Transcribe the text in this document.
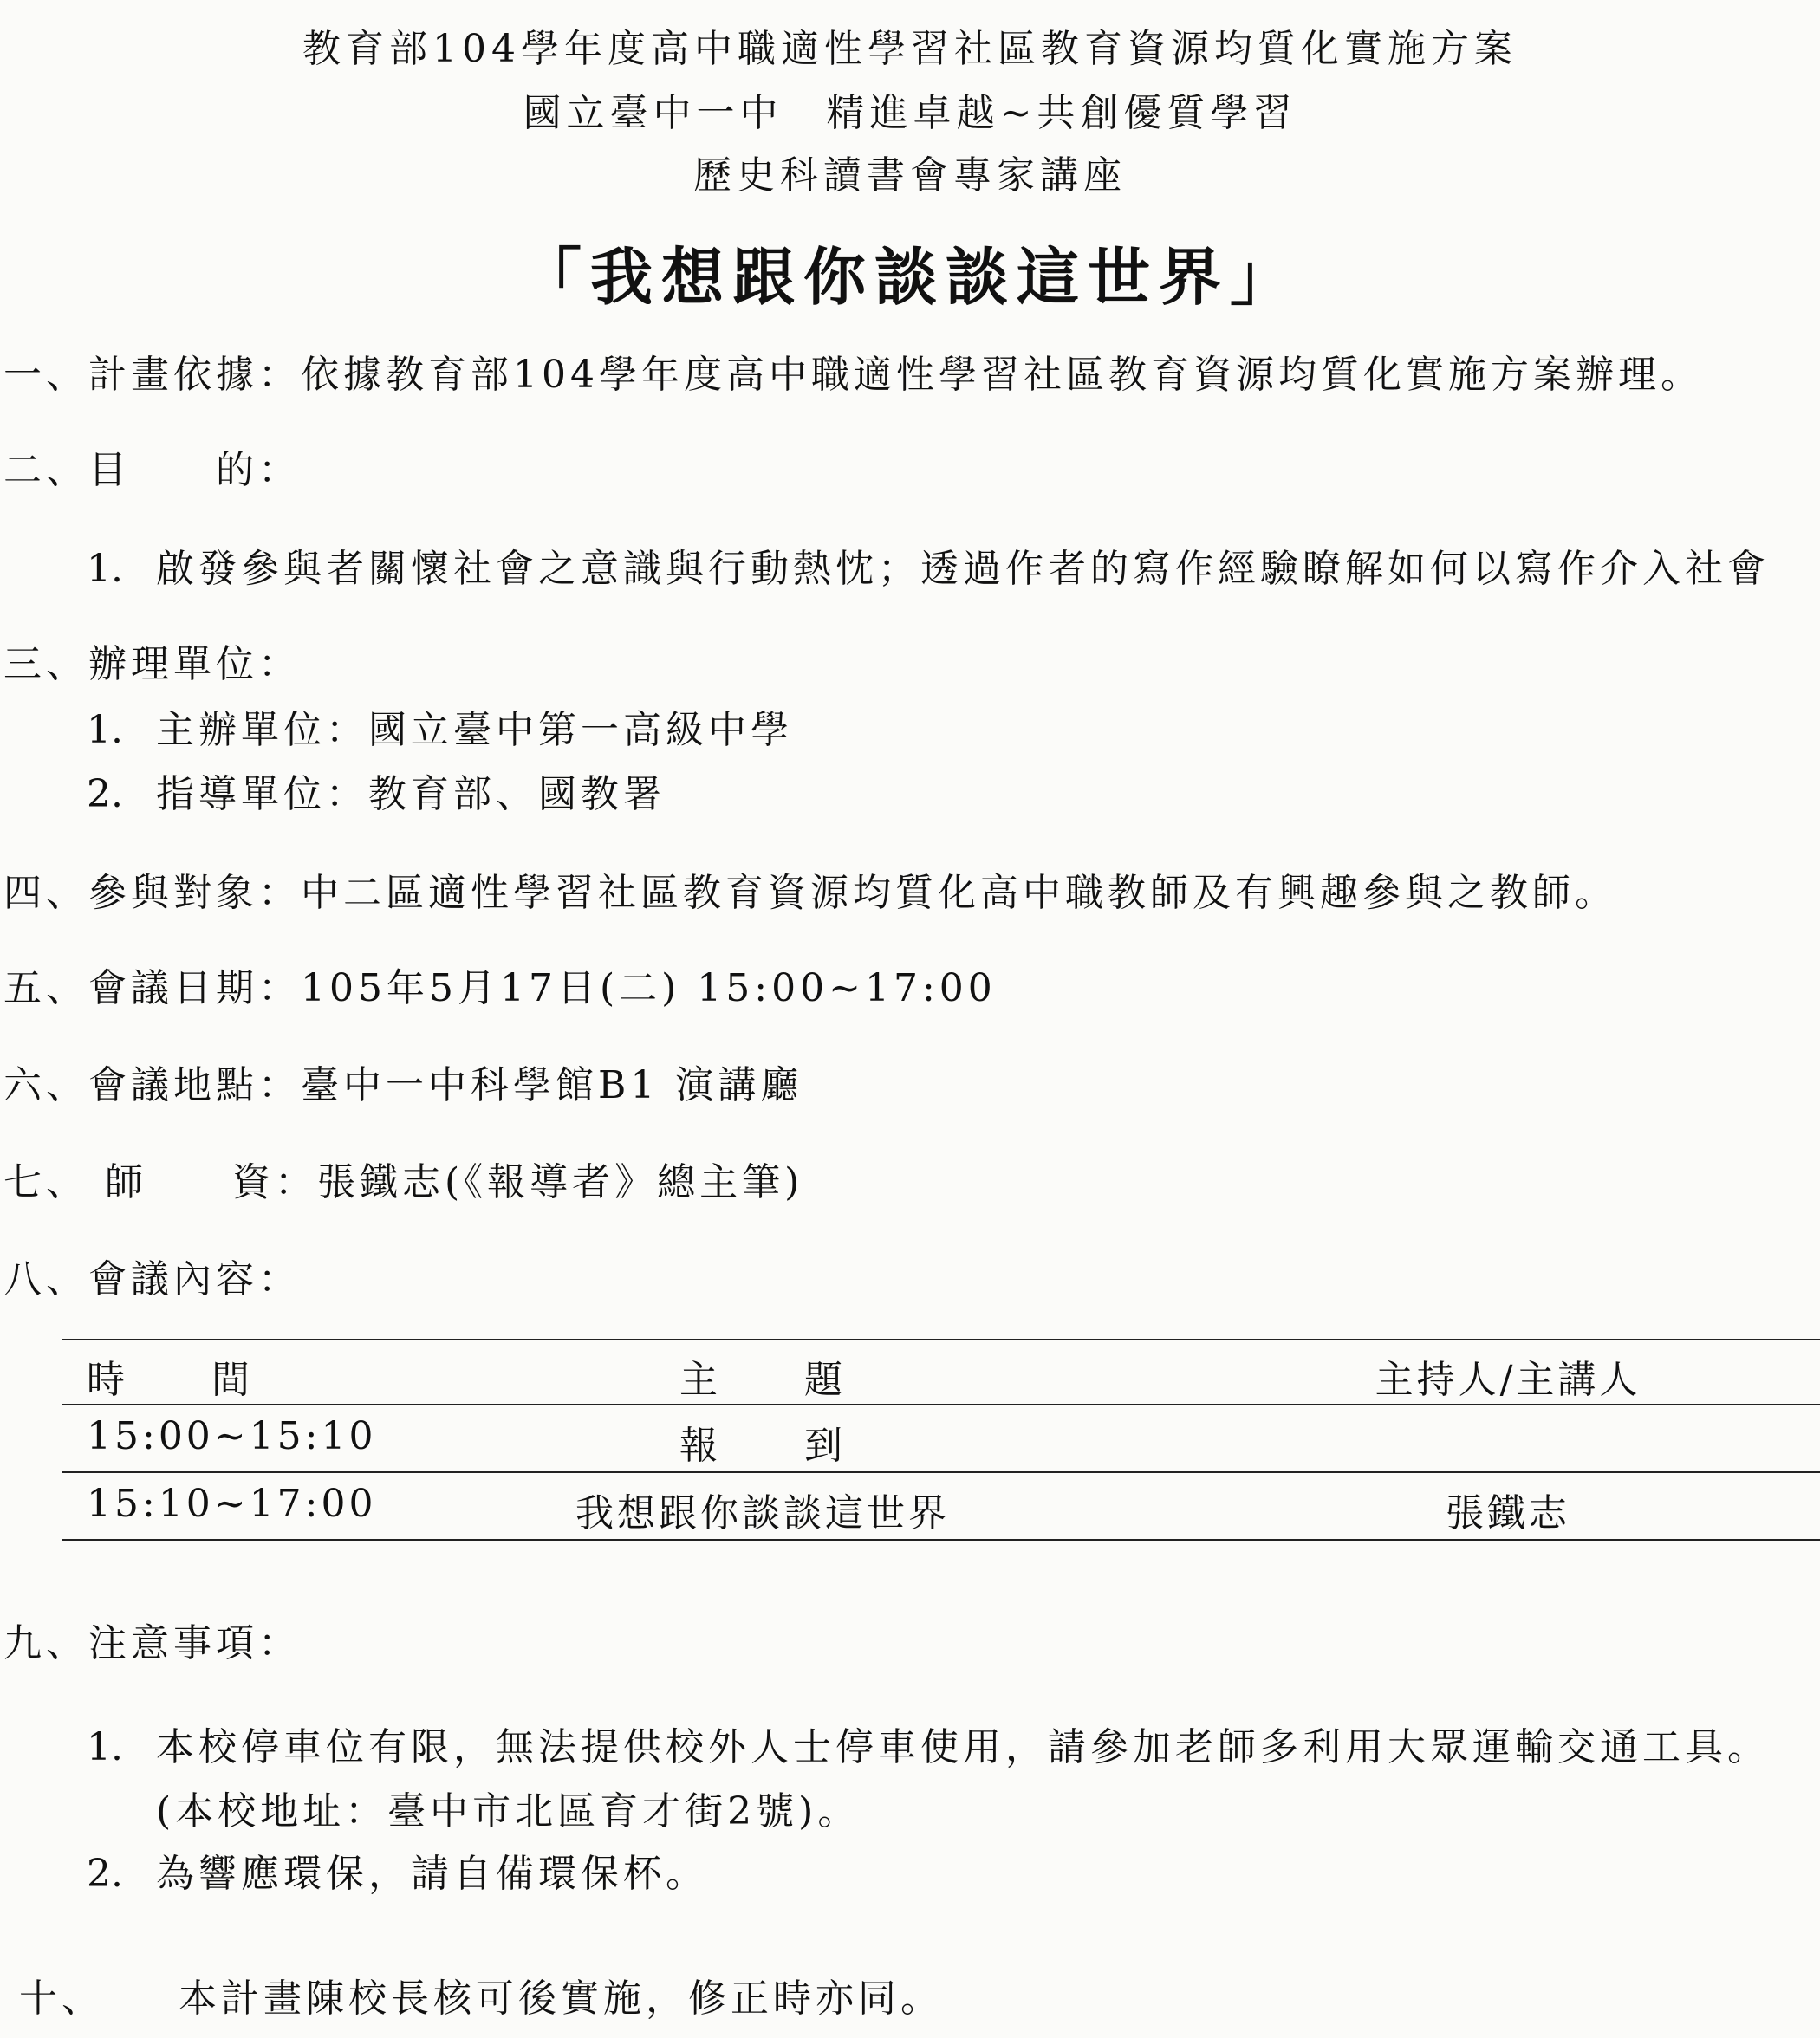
教育部104學年度高中職適性學習社區教育資源均質化實施方案
國立臺中一中　精進卓越~共創優質學習
歷史科讀書會專家講座
「我想跟你談談這世界」
一、計畫依據：依據教育部104學年度高中職適性學習社區教育資源均質化實施方案辦理。
二、目　　的：
1. 啟發參與者關懷社會之意識與行動熱忱；透過作者的寫作經驗瞭解如何以寫作介入社會
三、辦理單位：
1. 主辦單位：國立臺中第一高級中學
2. 指導單位：教育部、國教署
四、參與對象：中二區適性學習社區教育資源均質化高中職教師及有興趣參與之教師。
五、會議日期：105年5月17日(二) 15:00~17:00
六、會議地點：臺中一中科學館B1 演講廳
七、 師　　資：張鐵志(《報導者》總主筆)
八、會議內容：
時　　間	主　　題	主持人/主講人
15:00~15:10	報　　到
15:10~17:00	我想跟你談談這世界	張鐵志
九、注意事項：
1. 本校停車位有限，無法提供校外人士停車使用，請參加老師多利用大眾運輸交通工具。
(本校地址：臺中市北區育才街2號)。
2. 為響應環保，請自備環保杯。
十、 本計畫陳校長核可後實施，修正時亦同。
